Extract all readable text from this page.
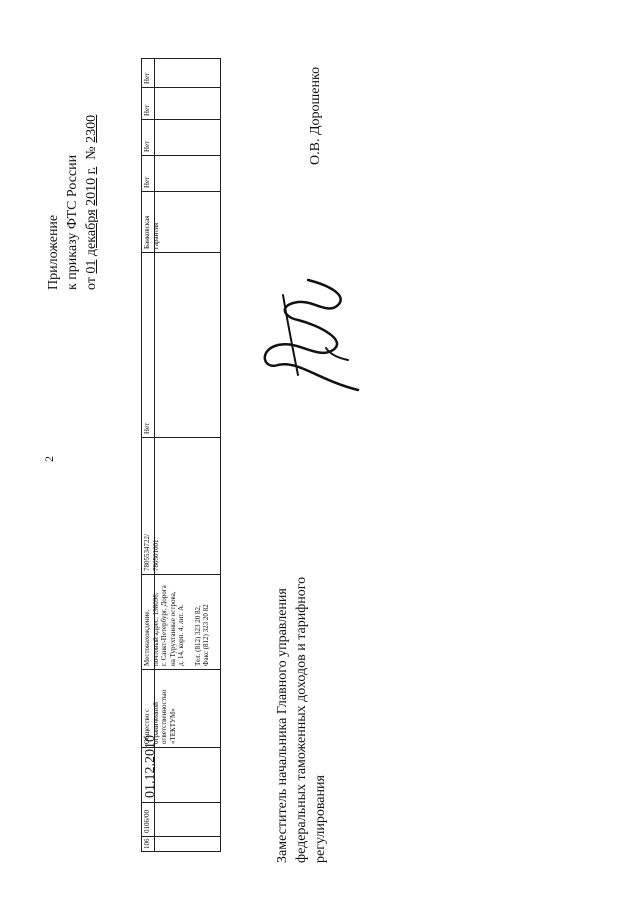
2
Приложение к приказу ФТС России от 01 декабря 2010 г.  № 2300
106
0106/00
01.12.2010
Общество с ограниченной ответственностью «ТЕКТУМ»
Местонахождение, почтовый адрес: 198096, г. Санкт-Петербург, Дорога на Турухтанные острова, д. 14, корп. 4, лит. А. Тел. (812) 323 20 82, Факс (812) 323 20 82
7805534722/ 780501001
Нет
Банковская гарантия
Нет
Нет
Нет
Нет
Заместитель начальника Главного управления федеральных таможенных доходов и тарифного регулирования
О.В. Дорошенко
